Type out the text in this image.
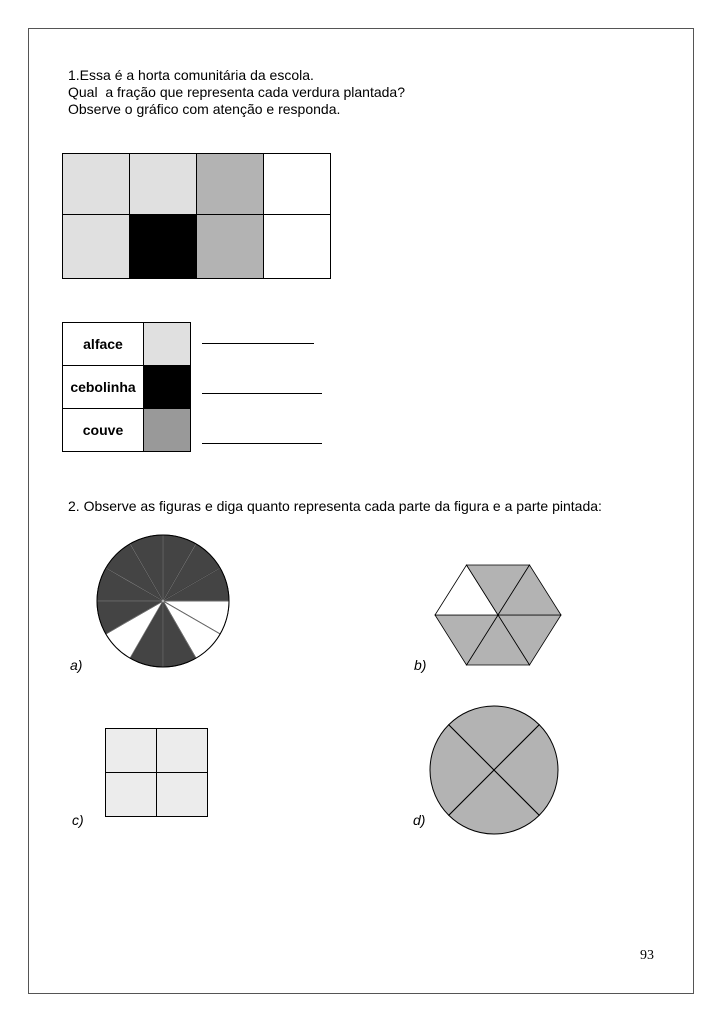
1.Essa é a horta comunitária da escola.
Qual  a fração que representa cada verdura plantada?
Observe o gráfico com atenção e responda.
alface	
cebolinha	
couve	
2. Observe as figuras e diga quanto representa cada parte da figura e a parte pintada:
a)	b)
c)	d)
93
